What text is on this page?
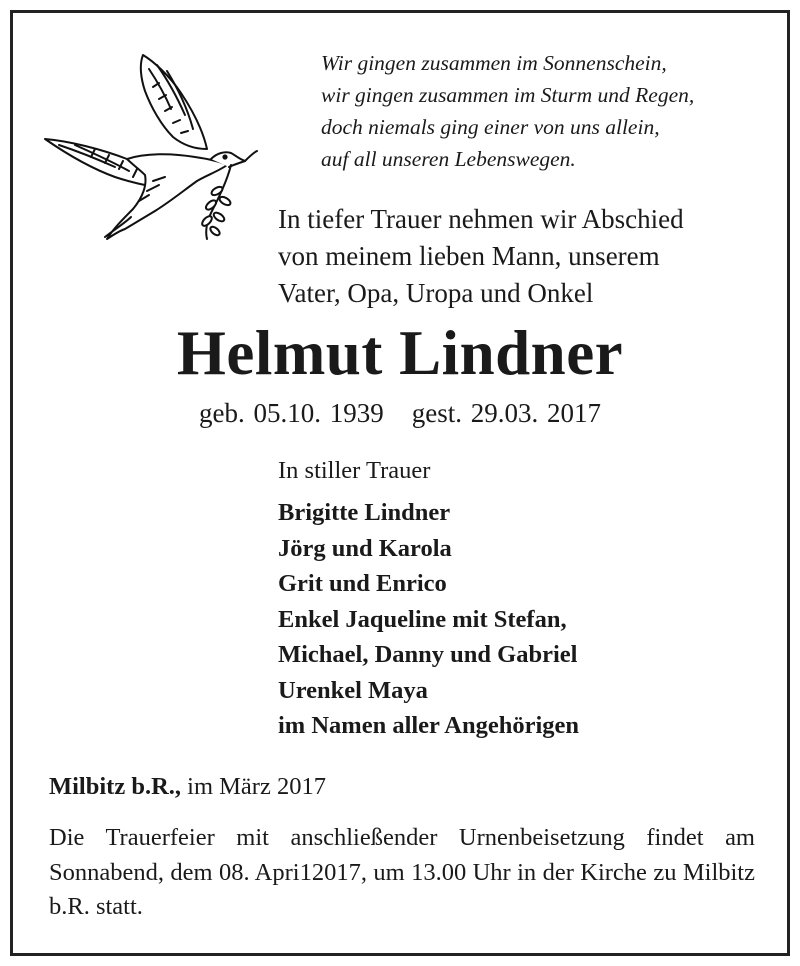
Wir gingen zusammen im Sonnenschein,
wir gingen zusammen im Sturm und Regen,
doch niemals ging einer von uns allein,
auf all unseren Lebenswegen.
In tiefer Trauer nehmen wir Abschied
von meinem lieben Mann, unserem
Vater, Opa, Uropa und Onkel
Helmut Lindner
geb. 05.10. 1939 gest. 29.03. 2017
In stiller Trauer
Brigitte Lindner
Jörg und Karola
Grit und Enrico
Enkel Jaqueline mit Stefan,
Michael, Danny und Gabriel
Urenkel Maya
im Namen aller Angehörigen
Milbitz b.R., im März 2017
Die Trauerfeier mit anschließender Urnenbeisetzung findet am Sonnabend, dem 08. Apri12017, um 13.00 Uhr in der Kirche zu Milbitz b.R. statt.
